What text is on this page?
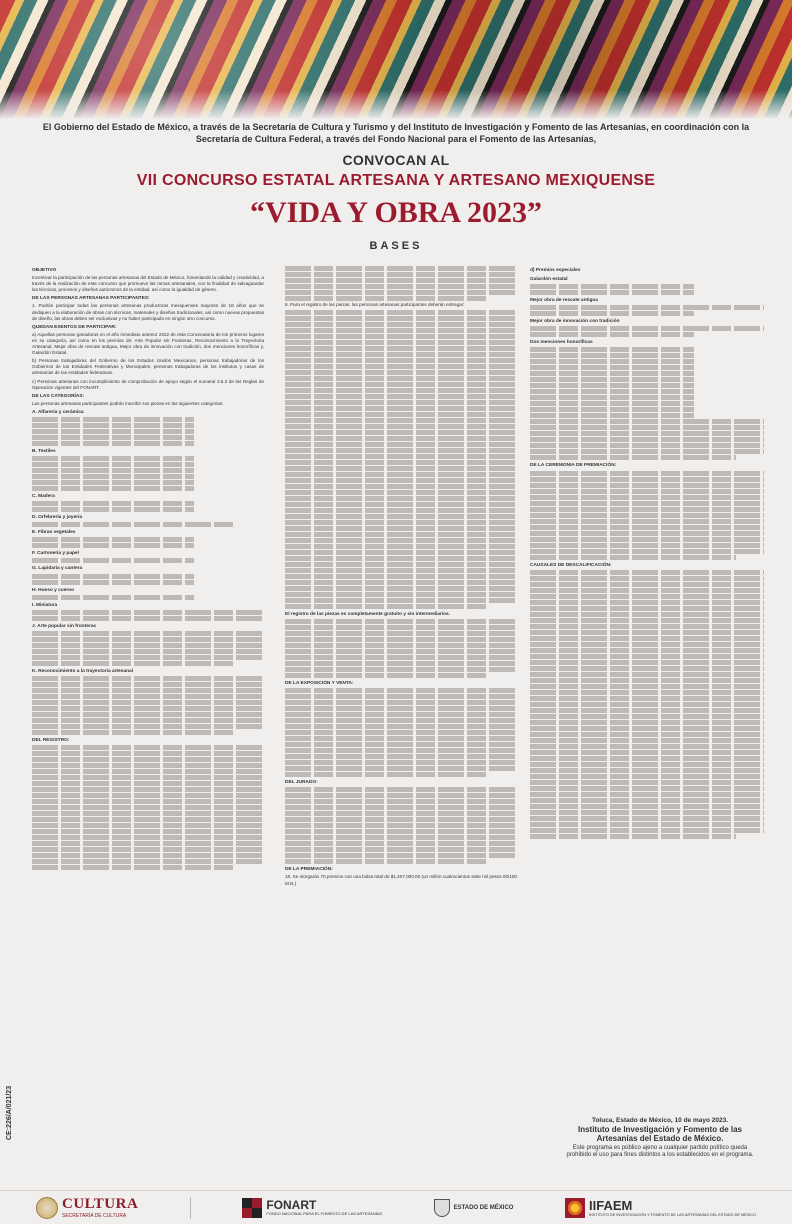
El Gobierno del Estado de México, a través de la Secretaría de Cultura y Turismo y del Instituto de Investigación y Fomento de las Artesanías, en coordinación con la Secretaría de Cultura Federal, a través del Fondo Nacional para el Fomento de las Artesanías,
CONVOCAN AL
VII CONCURSO ESTATAL ARTESANA Y ARTESANO MEXIQUENSE
“VIDA Y OBRA 2023”
BASES
OBJETIVO

Incentivar la participación de las personas artesanas del Estado de México, fomentando la calidad y creatividad, a través de la realización de este concurso que promueve las ramas artesanales, con la finalidad de salvaguardar las técnicas, procesos y diseños autóctonos de la entidad, así como la igualdad de género.

DE LAS PERSONAS ARTESANAS PARTICIPANTES:

1. Podrán participar todas las personas artesanas productoras mexiquenses mayores de 18 años que se dediquen a la elaboración de obras con técnicas, materiales y diseños tradicionales, así como nuevas propuestas de diseño, las obras deben ser exclusivas y no haber participado en ningún otro concurso.

QUEDAN EXENTOS DE PARTICIPAR:

a) Aquellas personas ganadoras en el año inmediato anterior 2022 de esta Convocatoria de los primeros lugares en su categoría, así como en los premios de: Arte Popular sin Fronteras, Reconocimiento a la Trayectoria Artesanal, Mejor obra de rescate antigua, Mejor obra de innovación con tradición, dos menciones honoríficas y, Galardón Estatal.

b) Personas trabajadoras del Gobierno de los Estados Unidos Mexicanos, personas trabajadoras de los Gobiernos de las Entidades Federativas y Municipales, personas trabajadoras de los institutos y casas de artesanías de las entidades federativas.

c) Personas artesanas con incumplimiento de comprobación de apoyo según el numeral 3.5.3 de las Reglas de Operación vigentes del FONART.

DE LAS CATEGORÍAS:

Las personas artesanas participantes podrán inscribir sus piezas en las siguientes categorías:

A. Alfarería y cerámica
B. Textiles
C. Madera
D. Orfebrería y joyería
E. Fibras vegetales
F. Cartonería y papel
G. Lapidaria y cantera
H. Hueso y cuerno
I. Miniatura
J. Arte popular sin fronteras
K. Reconocimiento a la trayectoria artesanal
DEL REGISTRO:

8. Para el registro de las piezas, las personas artesanas participantes deberán entregar:

El registro de las piezas es completamente gratuito y sin intermediarios.
DE LA EXPOSICIÓN Y VENTA:
DEL JURADO:
DE LA PREMIACIÓN:

18. Se otorgarán 70 premios con una bolsa total de $1,407,000.00 (un millón cuatrocientos siete mil pesos 00/100 M.N.)

d) Premios especiales
Galardón estatal
Mejor obra de rescate antigua
Mejor obra de innovación con tradición
Dos menciones honoríficas
DE LA CEREMONIA DE PREMIACIÓN:
CAUSALES DE DESCALIFICACIÓN:
Toluca, Estado de México, 10 de mayo 2023.
Instituto de Investigación y Fomento de las Artesanías del Estado de México.
Este programa es público ajeno a cualquier partido político queda prohibido el uso para fines distintos a los establecidos en el programa.
CE:226/A/021/23
CULTURA
SECRETARÍA DE CULTURA
FONART
FONDO NACIONAL PARA EL FOMENTO DE LAS ARTESANÍAS
ESTADO DE MÉXICO	IIFAEM
INSTITUTO DE INVESTIGACIÓN Y FOMENTO DE LAS ARTESANÍAS DEL ESTADO DE MÉXICO
